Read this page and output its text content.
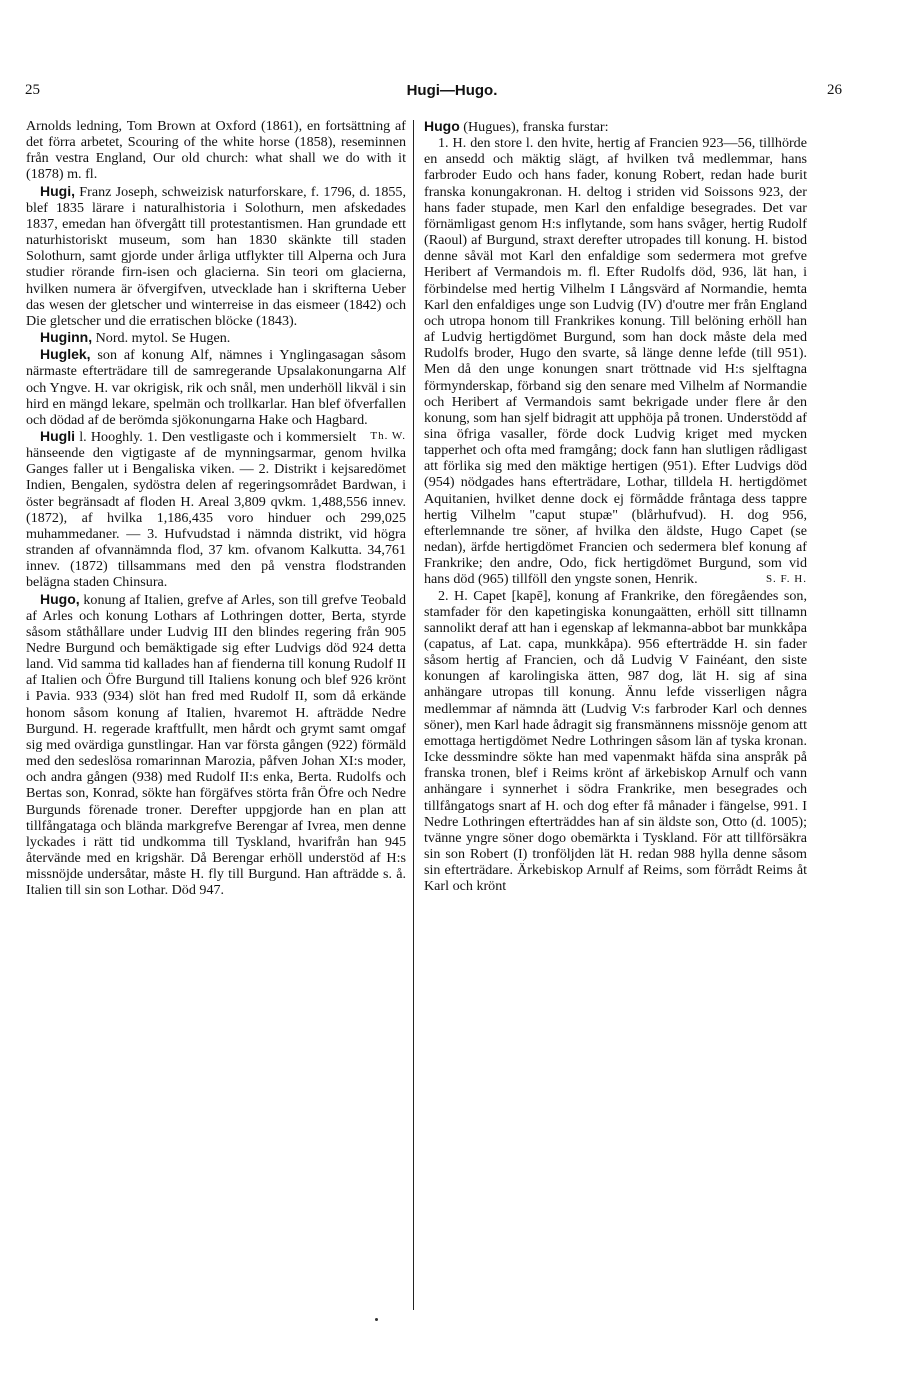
25	Hugi—Hugo.	26

Arnolds ledning, Tom Brown at Oxford (1861), en fortsättning af det förra arbetet, Scouring of the white horse (1858), reseminnen från vestra England, Our old church: what shall we do with it (1878) m. fl.

Hugi, Franz Joseph, schweizisk naturforskare, f. 1796, d. 1855, blef 1835 lärare i naturalhistoria i Solothurn, men afskedades 1837, emedan han öfvergått till protestantismen. Han grundade ett naturhistoriskt museum, som han 1830 skänkte till staden Solothurn, samt gjorde under årliga utflykter till Alperna och Jura studier rörande firn-isen och glacierna. Sin teori om glacierna, hvilken numera är öfvergifven, utvecklade han i skrifterna Ueber das wesen der gletscher und winterreise in das eismeer (1842) och Die gletscher und die erratischen blöcke (1843).

Huginn, Nord. mytol. Se Hugen.

Huglek, son af konung Alf, nämnes i Ynglingasagan såsom närmaste efterträdare till de samregerande Upsalakonungarna Alf och Yngve. H. var okrigisk, rik och snål, men underhöll likväl i sin hird en mängd lekare, spelmän och trollkarlar. Han blef öfverfallen och dödad af de berömda sjökonungarna Hake och Hagbard.
Th. W.

Hugli l. Hooghly. 1. Den vestligaste och i kommersielt hänseende den vigtigaste af de mynningsarmar, genom hvilka Ganges faller ut i Bengaliska viken. — 2. Distrikt i kejsaredömet Indien, Bengalen, sydöstra delen af regeringsområdet Bardwan, i öster begränsadt af floden H. Areal 3,809 qvkm. 1,488,556 innev. (1872), af hvilka 1,186,435 voro hinduer och 299,025 muhammedaner. — 3. Hufvudstad i nämnda distrikt, vid högra stranden af ofvannämnda flod, 37 km. ofvanom Kalkutta. 34,761 innev. (1872) tillsammans med den på venstra flodstranden belägna staden Chinsura.

Hugo, konung af Italien, grefve af Arles, son till grefve Teobald af Arles och konung Lothars af Lothringen dotter, Berta, styrde såsom ståthållare under Ludvig III den blindes regering från 905 Nedre Burgund och bemäktigade sig efter Ludvigs död 924 detta land. Vid samma tid kallades han af fienderna till konung Rudolf II af Italien och Öfre Burgund till Italiens konung och blef 926 krönt i Pavia. 933 (934) slöt han fred med Rudolf II, som då erkände honom såsom konung af Italien, hvaremot H. afträdde Nedre Burgund. H. regerade kraftfullt, men hårdt och grymt samt omgaf sig med ovärdiga gunstlingar. Han var första gången (922) förmäld med den sedeslösa romarinnan Marozia, påfven Johan XI:s moder, och andra gången (938) med Rudolf II:s enka, Berta. Rudolfs och Bertas son, Konrad, sökte han förgäfves störta från Öfre och Nedre Burgunds förenade troner. Derefter uppgjorde han en plan att tillfångataga och blända markgrefve Berengar af Ivrea, men denne lyckades i rätt tid undkomma till Tyskland, hvarifrån han 945 återvände med en krigshär. Då Berengar erhöll understöd af H:s missnöjde undersåtar, måste H. fly till Burgund. Han afträdde s. å. Italien till sin son Lothar. Död 947.

Hugo (Hugues), franska furstar:

1. H. den store l. den hvite, hertig af Francien 923—56, tillhörde en ansedd och mäktig slägt, af hvilken två medlemmar, hans farbroder Eudo och hans fader, konung Robert, redan hade burit franska konungakronan. H. deltog i striden vid Soissons 923, der hans fader stupade, men Karl den enfaldige besegrades. Det var förnämligast genom H:s inflytande, som hans svåger, hertig Rudolf (Raoul) af Burgund, straxt derefter utropades till konung. H. bistod denne såväl mot Karl den enfaldige som sedermera mot grefve Heribert af Vermandois m. fl. Efter Rudolfs död, 936, lät han, i förbindelse med hertig Vilhelm I Långsvärd af Normandie, hemta Karl den enfaldiges unge son Ludvig (IV) d'outre mer från England och utropa honom till Frankrikes konung. Till belöning erhöll han af Ludvig hertigdömet Burgund, som han dock måste dela med Rudolfs broder, Hugo den svarte, så länge denne lefde (till 951). Men då den unge konungen snart tröttnade vid H:s sjelftagna förmynderskap, förband sig den senare med Vilhelm af Normandie och Heribert af Vermandois samt bekrigade under flere år den konung, som han sjelf bidragit att upphöja på tronen. Understödd af sina öfriga vasaller, förde dock Ludvig kriget med mycken tapperhet och ofta med framgång; dock fann han slutligen rådligast att förlika sig med den mäktige hertigen (951). Efter Ludvigs död (954) nödgades hans efterträdare, Lothar, tilldela H. hertigdömet Aquitanien, hvilket denne dock ej förmådde fråntaga dess tappre hertig Vilhelm "caput stupæ" (blårhufvud). H. dog 956, efterlemnande tre söner, af hvilka den äldste, Hugo Capet (se nedan), ärfde hertigdömet Francien och sedermera blef konung af Frankrike; den andre, Odo, fick hertigdömet Burgund, som vid hans död (965) tillföll den yngste sonen, Henrik.	S. F. H.

2. H. Capet [kapē], konung af Frankrike, den föregåendes son, stamfader för den kapetingiska konungaätten, erhöll sitt tillnamn sannolikt deraf att han i egenskap af lekmanna-abbot bar munkkåpa (capatus, af Lat. capa, munkkåpa). 956 efterträdde H. sin fader såsom hertig af Francien, och då Ludvig V Fainéant, den siste konungen af karolingiska ätten, 987 dog, lät H. sig af sina anhängare utropas till konung. Ännu lefde visserligen några medlemmar af nämnda ätt (Ludvig V:s farbroder Karl och dennes söner), men Karl hade ådragit sig fransmännens missnöje genom att emottaga hertigdömet Nedre Lothringen såsom län af tyska kronan. Icke dessmindre sökte han med vapenmakt häfda sina anspråk på franska tronen, blef i Reims krönt af ärkebiskop Arnulf och vann anhängare i synnerhet i södra Frankrike, men besegrades och tillfångatogs snart af H. och dog efter få månader i fängelse, 991. I Nedre Lothringen efterträddes han af sin äldste son, Otto (d. 1005); tvänne yngre söner dogo obemärkta i Tyskland. För att tillförsäkra sin son Robert (I) tronföljden lät H. redan 988 hylla denne såsom sin efterträdare. Ärkebiskop Arnulf af Reims, som förrådt Reims åt Karl och krönt
